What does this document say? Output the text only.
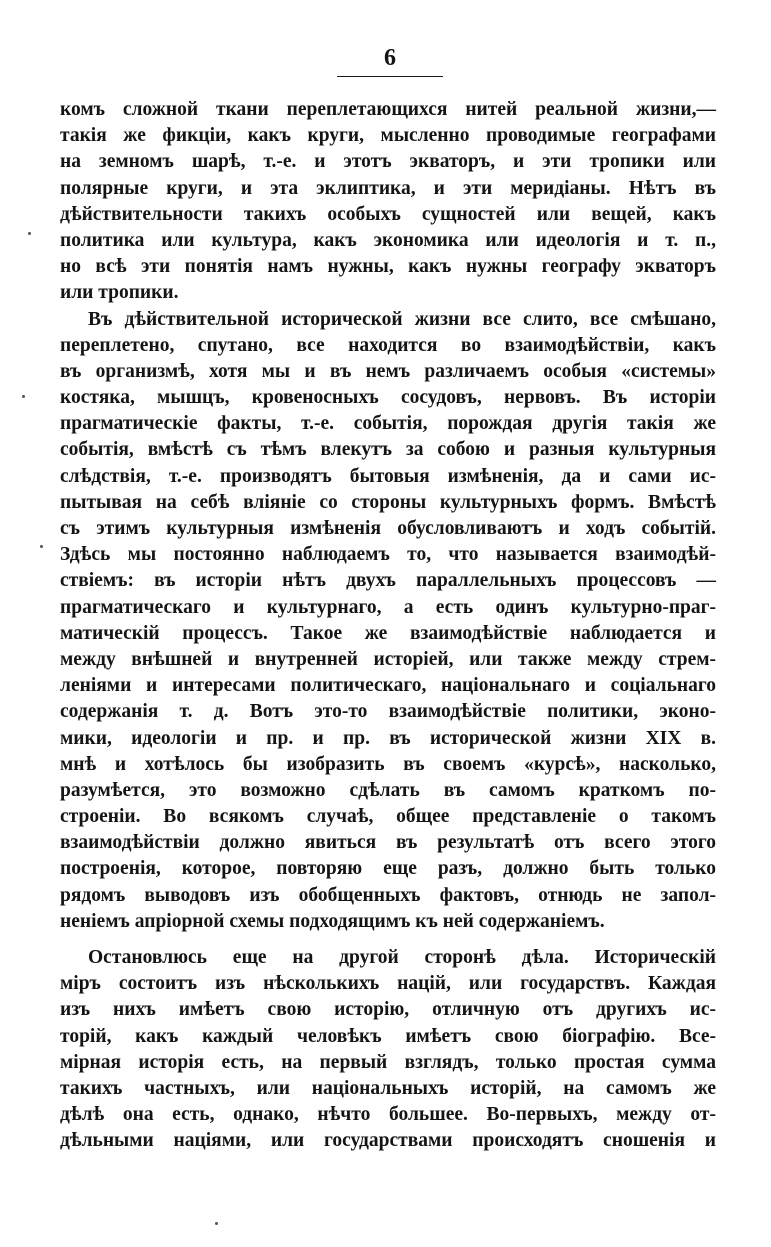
6
комъ сложной ткани переплетающихся нитей реальной жизни,—
такія же фикціи, какъ круги, мысленно проводимые географами
на земномъ шарѣ, т.-е. и этотъ экваторъ, и эти тропики или
полярные круги, и эта эклиптика, и эти меридіаны. Нѣтъ въ
дѣйствительности такихъ особыхъ сущностей или вещей, какъ
политика или культура, какъ экономика или идеологія и т. п.,
но всѣ эти понятія намъ нужны, какъ нужны географу экваторъ
или тропики.
Въ дѣйствительной исторической жизни все слито, все смѣшано,
переплетено, спутано, все находится во взаимодѣйствіи, какъ
въ организмѣ, хотя мы и въ немъ различаемъ особыя «системы»
костяка, мышцъ, кровеносныхъ сосудовъ, нервовъ. Въ исторіи
прагматическіе факты, т.-е. событія, порождая другія такія же
событія, вмѣстѣ съ тѣмъ влекутъ за собою и разныя культурныя
слѣдствія, т.-е. производятъ бытовыя измѣненія, да и сами ис-
пытывая на себѣ вліяніе со стороны культурныхъ формъ. Вмѣстѣ
съ этимъ культурныя измѣненія обусловливаютъ и ходъ событій.
Здѣсь мы постоянно наблюдаемъ то, что называется взаимодѣй-
ствіемъ: въ исторіи нѣтъ двухъ параллельныхъ процессовъ —
прагматическаго и культурнаго, а есть одинъ культурно-праг-
матическій процессъ. Такое же взаимодѣйствіе наблюдается и
между внѣшней и внутренней исторіей, или также между стрем-
леніями и интересами политическаго, національнаго и соціальнаго
содержанія т. д. Вотъ это-то взаимодѣйствіе политики, эконо-
мики, идеологіи и пр. и пр. въ исторической жизни XIX в.
мнѣ и хотѣлось бы изобразить въ своемъ «курсѣ», насколько,
разумѣется, это возможно сдѣлать въ самомъ краткомъ по-
строеніи. Во всякомъ случаѣ, общее представленіе о такомъ
взаимодѣйствіи должно явиться въ результатѣ отъ всего этого
построенія, которое, повторяю еще разъ, должно быть только
рядомъ выводовъ изъ обобщенныхъ фактовъ, отнюдь не запол-
неніемъ апріорной схемы подходящимъ къ ней содержаніемъ.
Остановлюсь еще на другой сторонѣ дѣла. Историческій
міръ состоитъ изъ нѣсколькихъ націй, или государствъ. Каждая
изъ нихъ имѣетъ свою исторію, отличную отъ другихъ ис-
торій, какъ каждый человѣкъ имѣетъ свою біографію. Все-
мірная исторія есть, на первый взглядъ, только простая сумма
такихъ частныхъ, или національныхъ исторій, на самомъ же
дѣлѣ она есть, однако, нѣчто большее. Во-первыхъ, между от-
дѣльными націями, или государствами происходятъ сношенія и
